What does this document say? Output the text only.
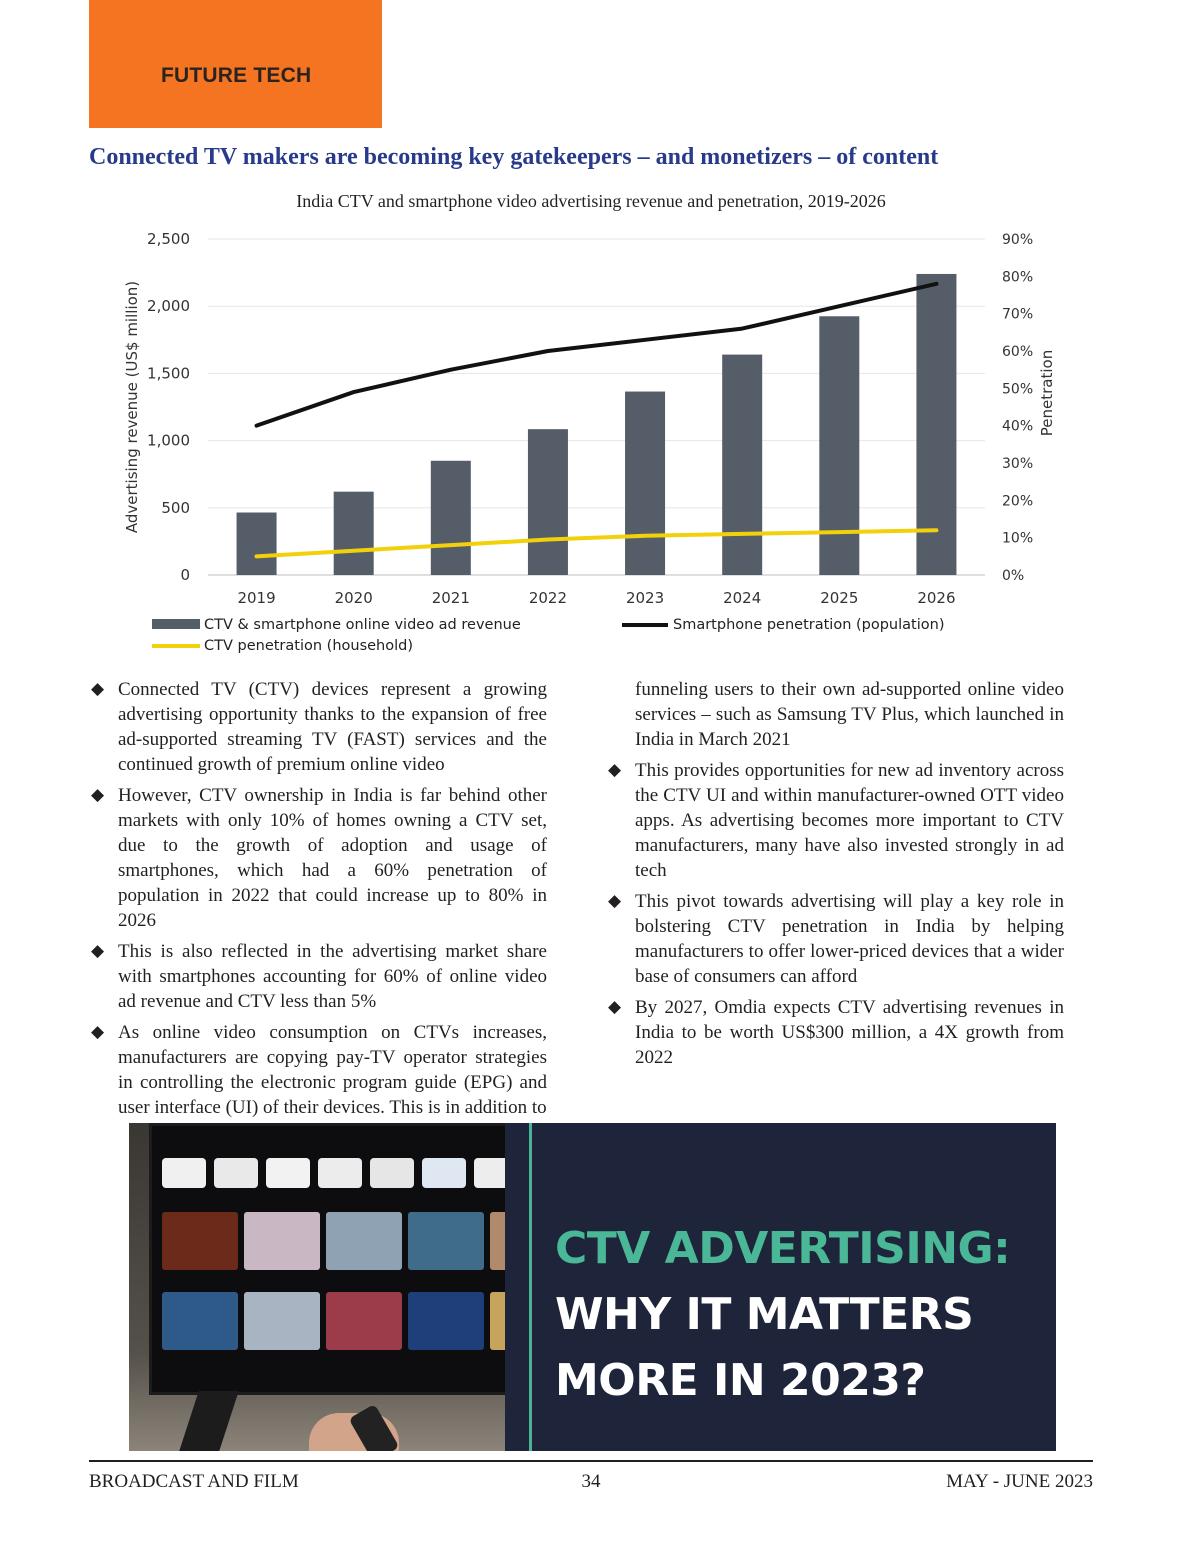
FUTURE TECH
Connected TV makers are becoming key gatekeepers – and monetizers – of content
India CTV and smartphone video advertising revenue and penetration, 2019-2026
0
500
1,000
1,500
2,000
2,500
0%
10%
20%
30%
40%
50%
60%
70%
80%
90%
2019	2020	2021	2022	2023	2024	2025	2026
Advertising revenue (US$ million)	Penetration
CTV & smartphone online video ad revenue	Smartphone penetration (population)
CTV penetration (household)
◆ Connected TV (CTV) devices represent a growing advertising opportunity thanks to the expansion of free ad-supported streaming TV (FAST) services and the continued growth of premium online video
◆ However, CTV ownership in India is far behind other markets with only 10% of homes owning a CTV set, due to the growth of adoption and usage of smartphones, which had a 60% penetration of population in 2022 that could increase up to 80% in 2026
◆ This is also reflected in the advertising market share with smartphones accounting for 60% of online video ad revenue and CTV less than 5%
◆ As online video consumption on CTVs increases, manufacturers are copying pay-TV operator strategies in controlling the electronic program guide (EPG) and user interface (UI) of their devices. This is in addition to
funneling users to their own ad-supported online video services – such as Samsung TV Plus, which launched in India in March 2021
◆ This provides opportunities for new ad inventory across the CTV UI and within manufacturer-owned OTT video apps. As advertising becomes more important to CTV manufacturers, many have also invested strongly in ad tech
◆ This pivot towards advertising will play a key role in bolstering CTV penetration in India by helping manufacturers to offer lower-priced devices that a wider base of consumers can afford
◆ By 2027, Omdia expects CTV advertising revenues in India to be worth US$300 million, a 4X growth from 2022
CTV ADVERTISING:
WHY IT MATTERS
MORE IN 2023?
BROADCAST AND FILM	34	MAY - JUNE 2023
